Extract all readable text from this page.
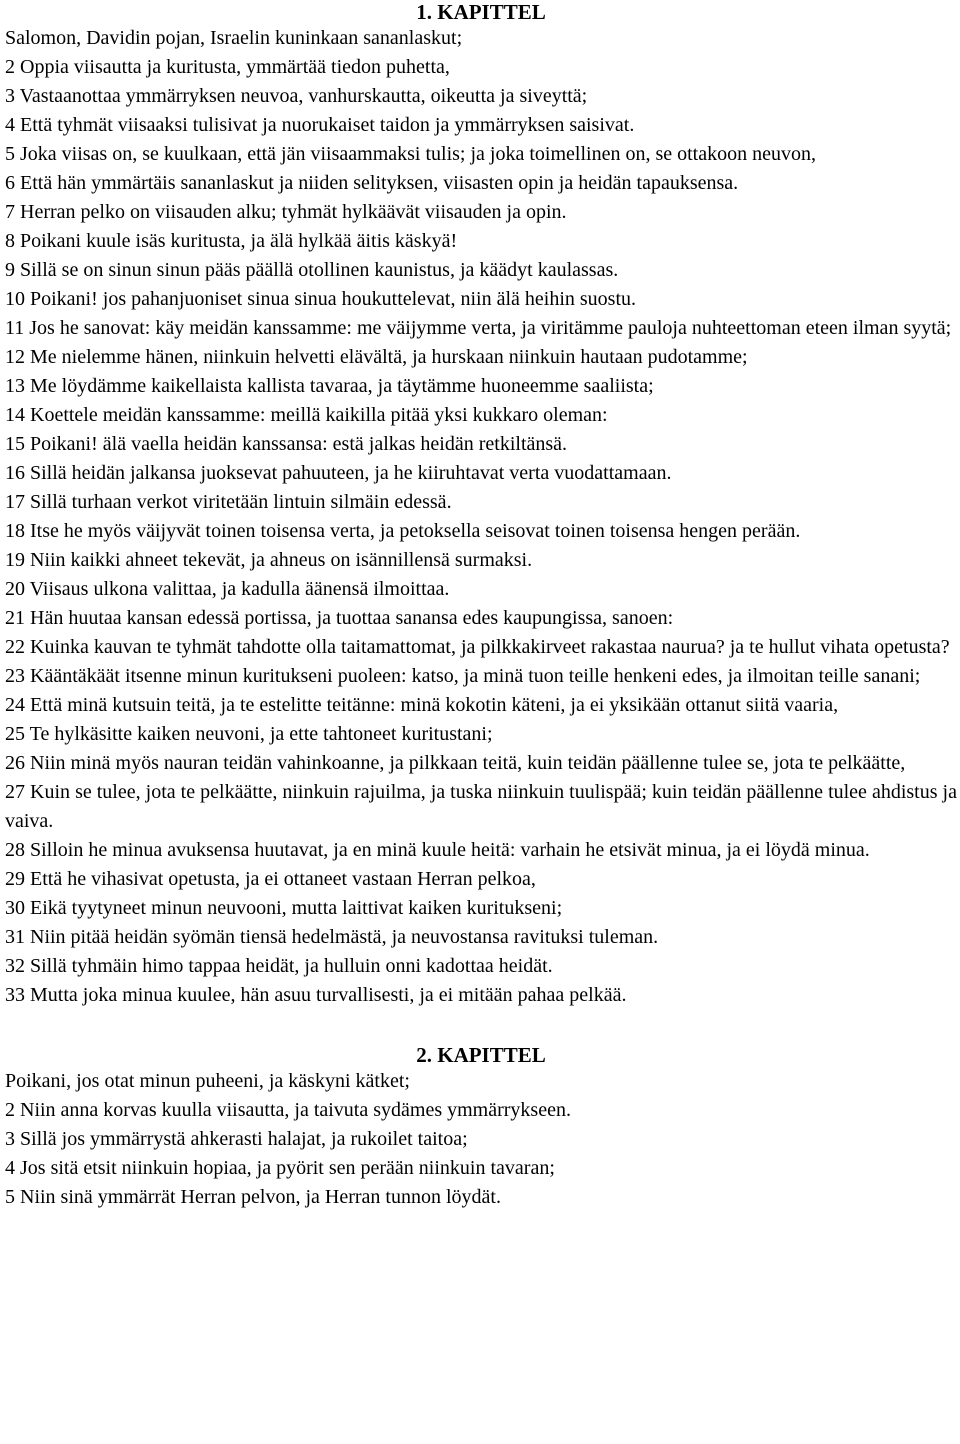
1. KAPITTEL

Salomon, Davidin pojan, Israelin kuninkaan sananlaskut;

2 Oppia viisautta ja kuritusta, ymmärtää tiedon puhetta,

3 Vastaanottaa ymmärryksen neuvoa, vanhurskautta, oikeutta ja siveyttä;

4 Että tyhmät viisaaksi tulisivat ja nuorukaiset taidon ja ymmärryksen saisivat.

5 Joka viisas on, se kuulkaan, että jän viisaammaksi tulis; ja joka toimellinen on, se ottakoon neuvon,

6 Että hän ymmärtäis sananlaskut ja niiden selityksen, viisasten opin ja heidän tapauksensa.

7 Herran pelko on viisauden alku; tyhmät hylkäävät viisauden ja opin.

8 Poikani kuule isäs kuritusta, ja älä hylkää äitis käskyä!

9 Sillä se on sinun sinun pääs päällä otollinen kaunistus, ja käädyt kaulassas.

10 Poikani! jos pahanjuoniset sinua sinua houkuttelevat, niin älä heihin suostu.

11 Jos he sanovat: käy meidän kanssamme: me väijymme verta, ja viritämme pauloja nuhteettoman eteen ilman syytä;

12 Me nielemme hänen, niinkuin helvetti elävältä, ja hurskaan niinkuin hautaan pudotamme;

13 Me löydämme kaikellaista kallista tavaraa, ja täytämme huoneemme saaliista;

14 Koettele meidän kanssamme: meillä kaikilla pitää yksi kukkaro oleman:

15 Poikani! älä vaella heidän kanssansa: estä jalkas heidän retkiltänsä.

16 Sillä heidän jalkansa juoksevat pahuuteen, ja he kiiruhtavat verta vuodattamaan.

17 Sillä turhaan verkot viritetään lintuin silmäin edessä.

18 Itse he myös väijyvät toinen toisensa verta, ja petoksella seisovat toinen toisensa hengen perään.

19 Niin kaikki ahneet tekevät, ja ahneus on isännillensä surmaksi.

20 Viisaus ulkona valittaa, ja kadulla äänensä ilmoittaa.

21 Hän huutaa kansan edessä portissa, ja tuottaa sanansa edes kaupungissa, sanoen:

22 Kuinka kauvan te tyhmät tahdotte olla taitamattomat, ja pilkkakirveet rakastaa naurua? ja te hullut vihata opetusta?

23 Kääntäkäät itsenne minun kuritukseni puoleen: katso, ja minä tuon teille henkeni edes, ja ilmoitan teille sanani;

24 Että minä kutsuin teitä, ja te estelitte teitänne: minä kokotin käteni, ja ei yksikään ottanut siitä vaaria,

25 Te hylkäsitte kaiken neuvoni, ja ette tahtoneet kuritustani;

26 Niin minä myös nauran teidän vahinkoanne, ja pilkkaan teitä, kuin teidän päällenne tulee se, jota te pelkäätte,

27 Kuin se tulee, jota te pelkäätte, niinkuin rajuilma, ja tuska niinkuin tuulispää; kuin teidän päällenne tulee ahdistus ja vaiva.

28 Silloin he minua avuksensa huutavat, ja en minä kuule heitä: varhain he etsivät minua, ja ei löydä minua.

29 Että he vihasivat opetusta, ja ei ottaneet vastaan Herran pelkoa,

30 Eikä tyytyneet minun neuvooni, mutta laittivat kaiken kuritukseni;

31 Niin pitää heidän syömän tiensä hedelmästä, ja neuvostansa ravituksi tuleman.

32 Sillä tyhmäin himo tappaa heidät, ja hulluin onni kadottaa heidät.

33 Mutta joka minua kuulee, hän asuu turvallisesti, ja ei mitään pahaa pelkää.

2. KAPITTEL

Poikani, jos otat minun puheeni, ja käskyni kätket;

2 Niin anna korvas kuulla viisautta, ja taivuta sydämes ymmärrykseen.

3 Sillä jos ymmärrystä ahkerasti halajat, ja rukoilet taitoa;

4 Jos sitä etsit niinkuin hopiaa, ja pyörit sen perään niinkuin tavaran;

5 Niin sinä ymmärrät Herran pelvon, ja Herran tunnon löydät.
